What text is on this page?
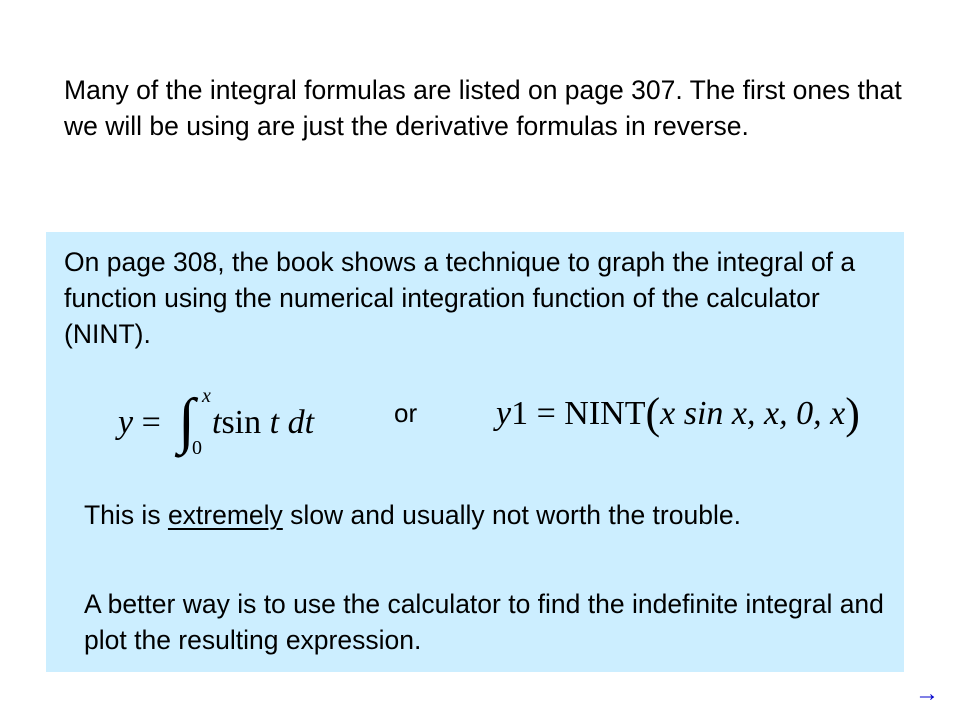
Many of the integral formulas are listed on page 307. The first ones that we will be using are just the derivative formulas in reverse.

On page 308, the book shows a technique to graph the integral of a function using the numerical integration function of the calculator (NINT).

y = ∫ x
0
tsin t dt	or y1 = NINT(x sin x, x, 0, x)

This is extremely slow and usually not worth the trouble.

A better way is to use the calculator to find the indefinite integral and plot the resulting expression.

→
